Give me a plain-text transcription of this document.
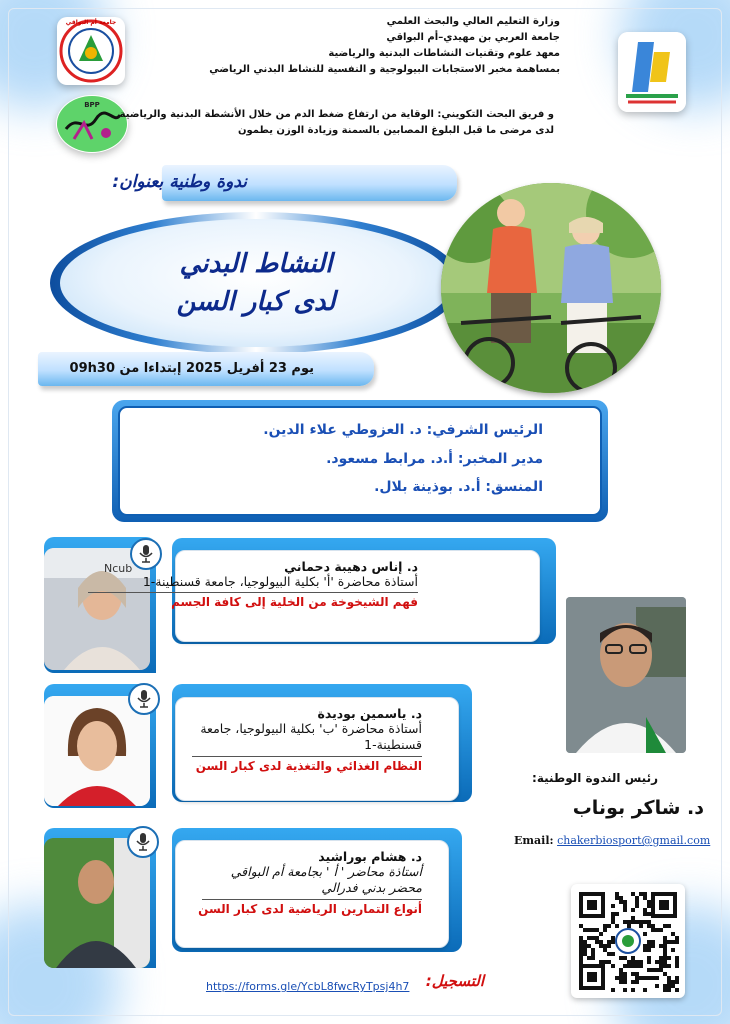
جامعة أم البواقي
BPP
وزارة التعليم العالي والبحث العلمي
جامعة العربي بن مهيدي–أم البواقي
معهد علوم وتقنيات النشاطات البدنية والرياضية
بمساهمة مخبر الاستجابات البيولوجية و النفسية للنشاط البدني الرياضي
و فريق البحث التكويني: الوقاية من ارتفاع ضغط الدم من خلال الأنشطة البدنية والرياضية
لدى مرضى ما قبل البلوغ المصابين بالسمنة وزيادة الوزن يطمون
ندوة وطنية بعنوان:
النشاط البدني
لدى كبار السن
يوم 23 أفريل 2025 إبتداءا من 09h30
الرئيس الشرفي: د. العزوطي علاء الدين.
مدير المخبر: أ.د. مرابط مسعود.
المنسق: أ.د. بوذينة بلال.
Ncub	د. إناس دهيبة دحماني
أستاذة محاضرة 'أ' بكلية البيولوجيا، جامعة قسنطينة-1
فهم الشيخوخة من الخلية إلى كافة الجسم
د. ياسمين بوديدة
أستاذة محاضرة 'ب' بكلية البيولوجيا، جامعة قسنطينة-1
النظام الغذائي والتغذية لدى كبار السن
رئيس الندوة الوطنية:
د. شاكر بوناب
Email: chakerbiosport@gmail.com
د. هشام بوراشيد
أستاذة محاضر ' أ ' بجامعة أم البواقي
محضر بدني فدرالي
أنواع التمارين الرياضية لدى كبار السن
التسجيل:
https://forms.gle/YcbL8fwcRyTpsj4h7
